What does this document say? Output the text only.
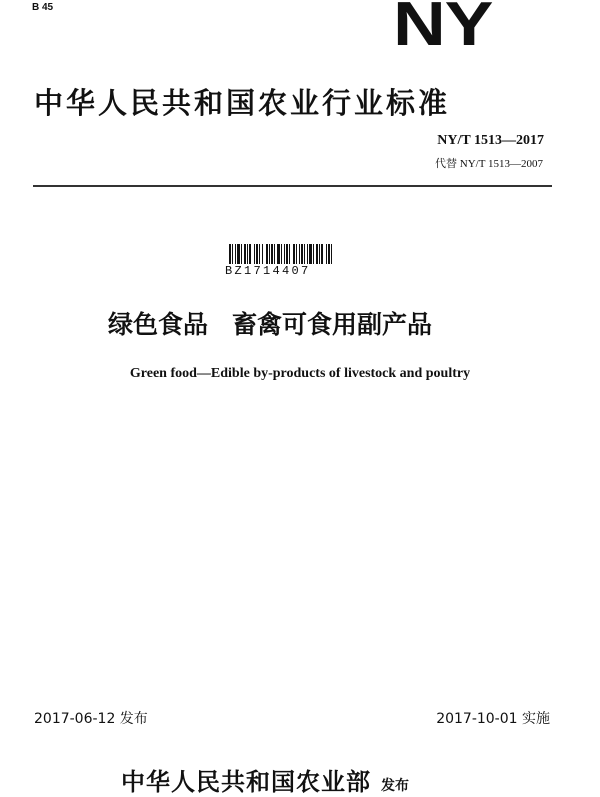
B 45	NY
中华人民共和国农业行业标准
NY/T 1513—2017
代替 NY/T 1513—2007
BZ1714407
绿色食品 畜禽可食用副产品
Green food—Edible by-products of livestock and poultry
2017-06-12 发布	2017-10-01 实施
中华人民共和国农业部 发布
